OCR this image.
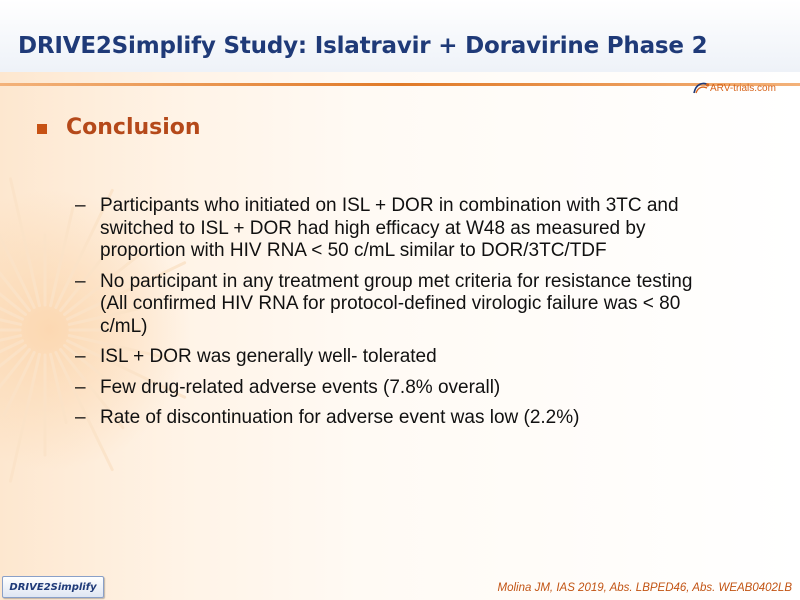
DRIVE2Simplify Study: Islatravir + Doravirine Phase 2
ARV-trials.com
Conclusion
– Participants who initiated on ISL + DOR in combination with 3TC and switched to ISL + DOR had high efficacy at W48 as measured by proportion with HIV RNA < 50 c/mL similar to DOR/3TC/TDF
– No participant in any treatment group met criteria for resistance testing (All confirmed HIV RNA for protocol-defined virologic failure was < 80 c/mL)
– ISL + DOR was generally well- tolerated
– Few drug-related adverse events (7.8% overall)
– Rate of discontinuation for adverse event was low (2.2%)
DRIVE2Simplify	Molina JM, IAS 2019, Abs. LBPED46, Abs. WEAB0402LB
